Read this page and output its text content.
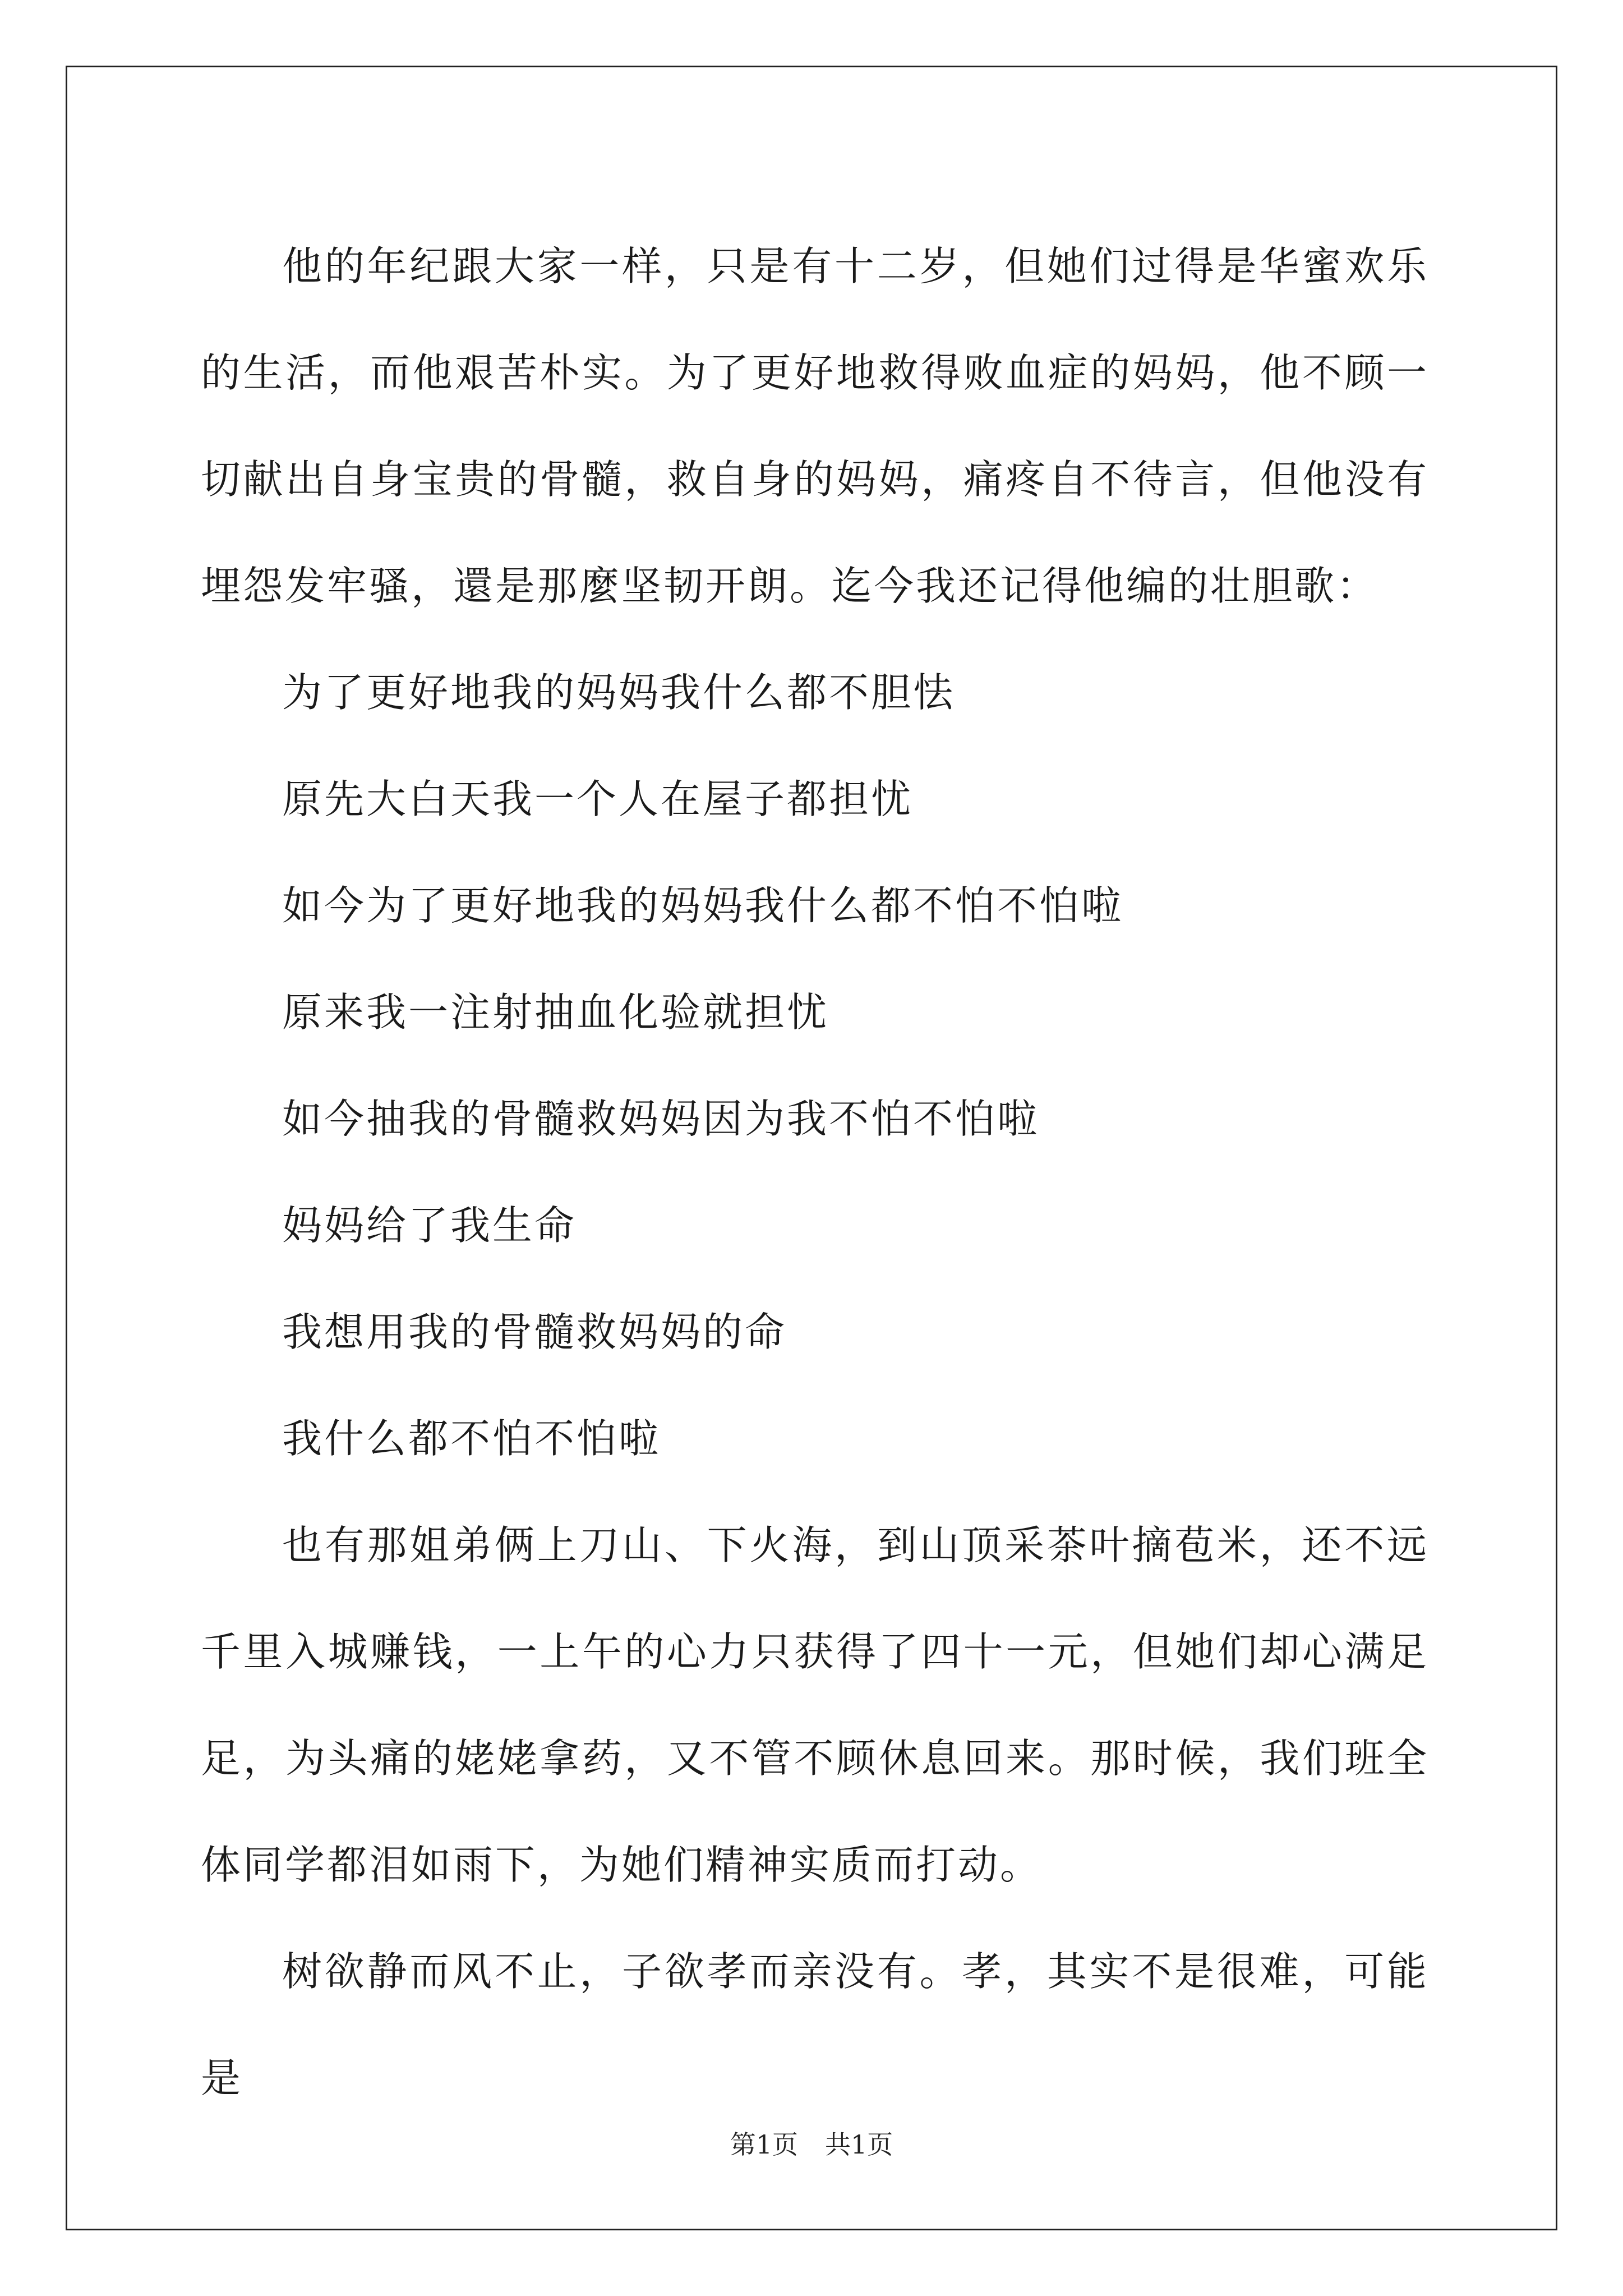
他的年纪跟大家一样，只是有十二岁，但她们过得是华蜜欢乐的生活，而他艰苦朴实。为了更好地救得败血症的妈妈，他不顾一切献出自身宝贵的骨髓，救自身的妈妈，痛疼自不待言，但他没有埋怨发牢骚，還是那麼坚韧开朗。迄今我还记得他编的壮胆歌：

为了更好地我的妈妈我什么都不胆怯

原先大白天我一个人在屋子都担忧

如今为了更好地我的妈妈我什么都不怕不怕啦

原来我一注射抽血化验就担忧

如今抽我的骨髓救妈妈因为我不怕不怕啦

妈妈给了我生命

我想用我的骨髓救妈妈的命

我什么都不怕不怕啦

也有那姐弟俩上刀山、下火海，到山顶采茶叶摘苞米，还不远千里入城赚钱，一上午的心力只获得了四十一元，但她们却心满足足，为头痛的姥姥拿药，又不管不顾休息回来。那时候，我们班全体同学都泪如雨下，为她们精神实质而打动。

树欲静而风不止，子欲孝而亲没有。孝，其实不是很难，可能是

第1页 共1页
